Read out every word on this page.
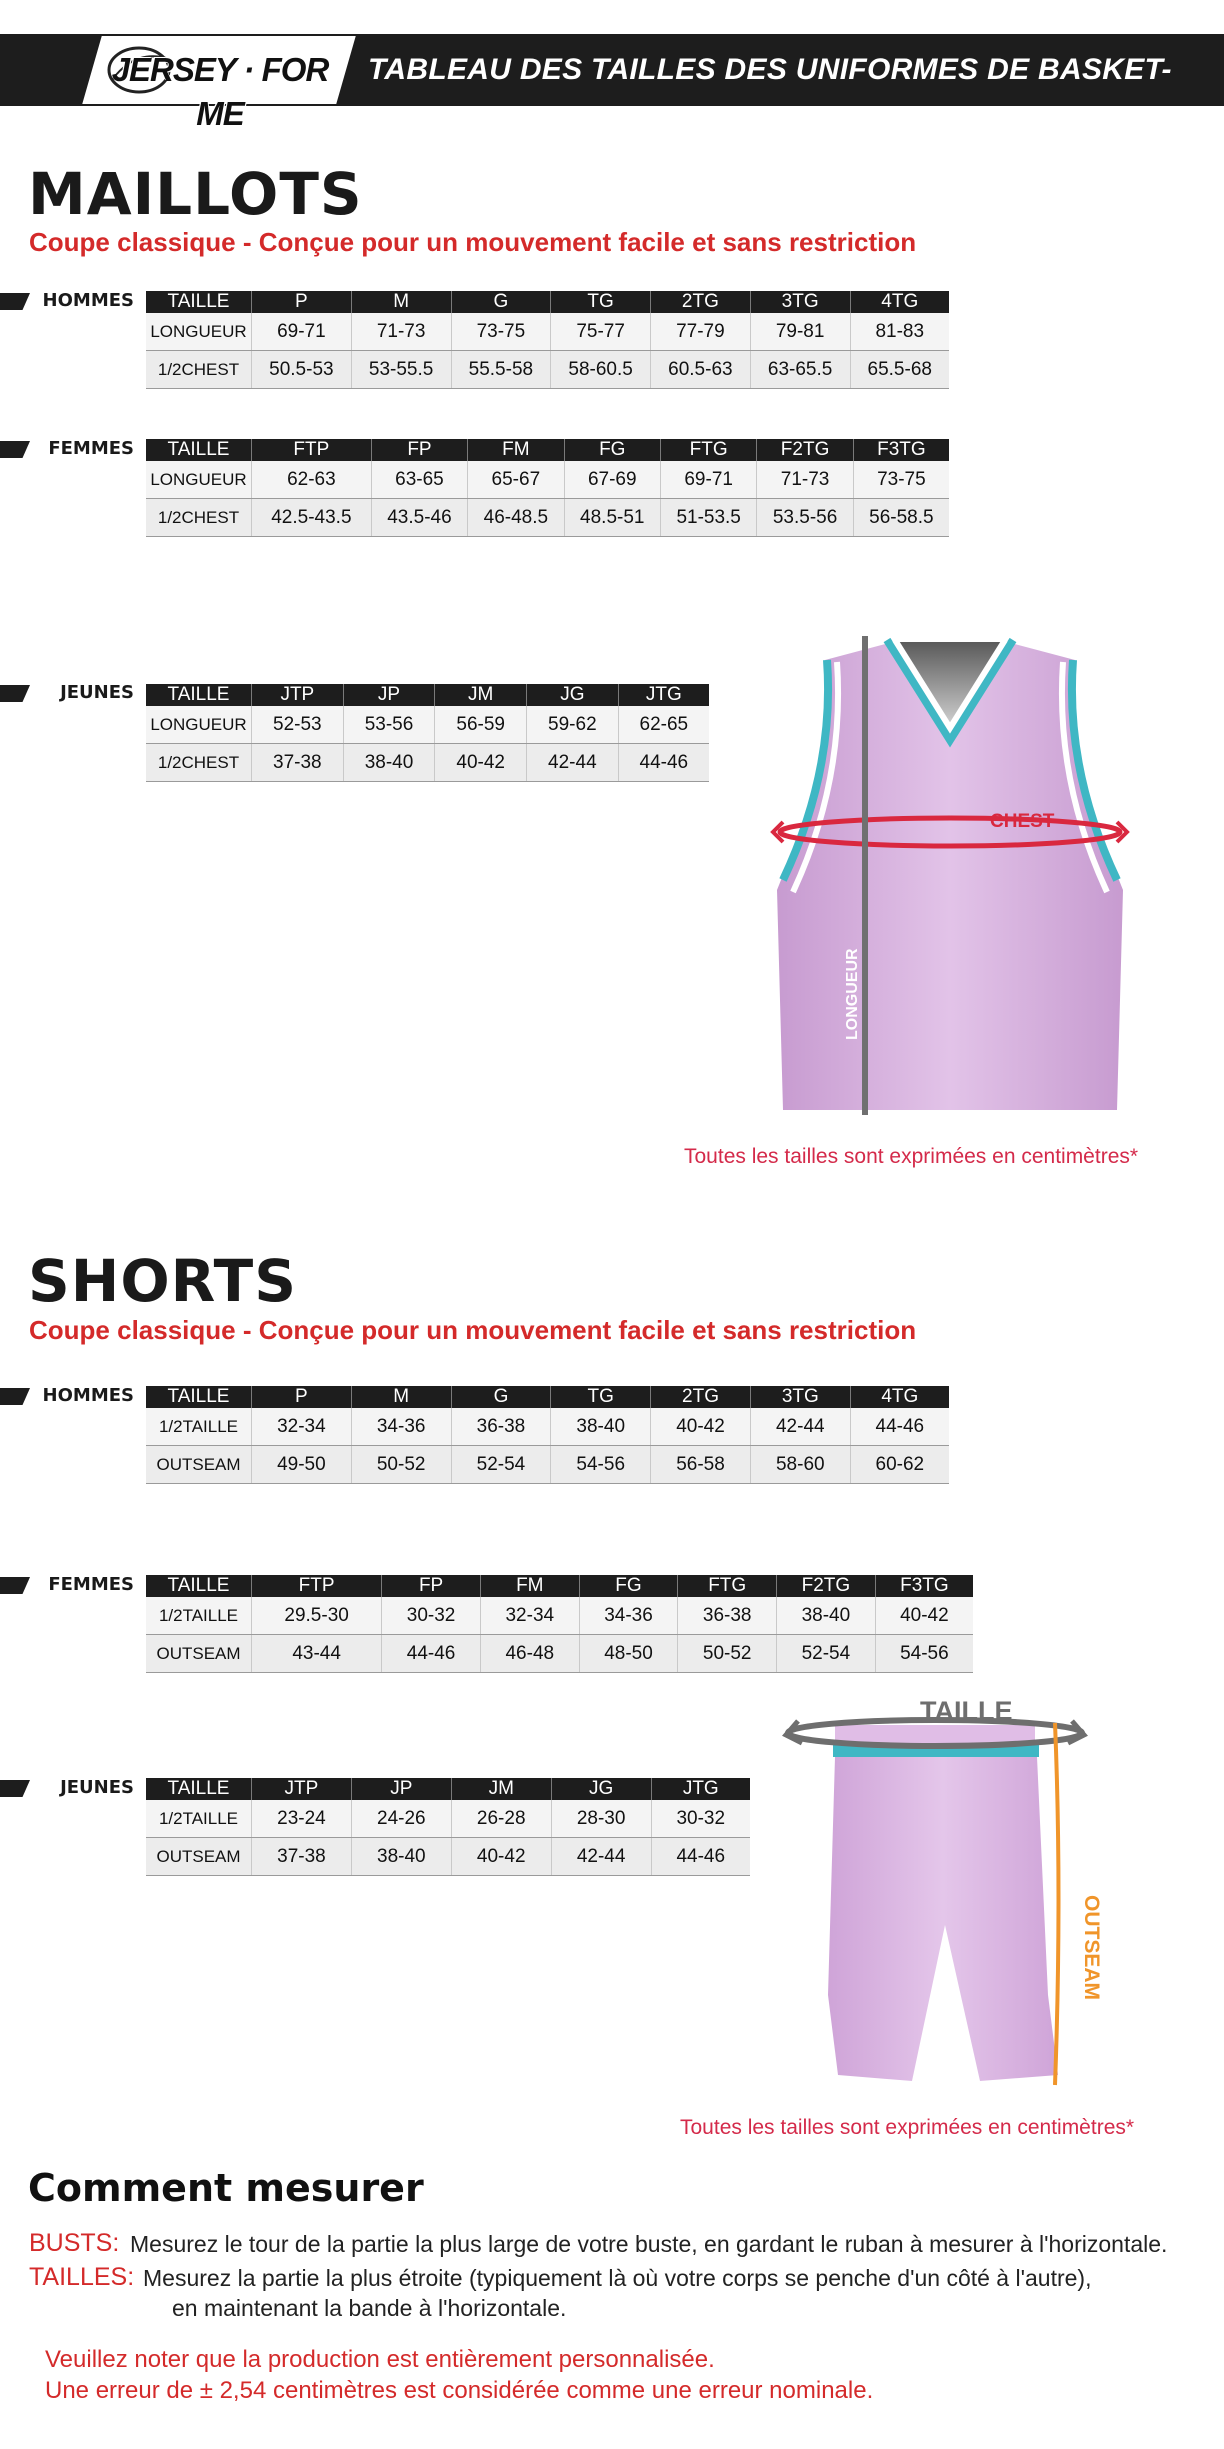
JERSEY · FOR ME
TABLEAU DES TAILLES DES UNIFORMES DE BASKET-BALL
MAILLOTS
Coupe classique - Conçue pour un mouvement facile et sans restriction
HOMMES TAILLE	P	M	G	TG	2TG	3TG	4TG
LONGUEUR	69-71	71-73	73-75	75-77	77-79	79-81	81-83
1/2CHEST	50.5-53	53-55.5	55.5-58	58-60.5	60.5-63	63-65.5	65.5-68
FEMMES TAILLE	FTP	FP	FM	FG	FTG	F2TG	F3TG
LONGUEUR	62-63	63-65	65-67	67-69	69-71	71-73	73-75
1/2CHEST	42.5-43.5	43.5-46	46-48.5	48.5-51	51-53.5	53.5-56	56-58.5
JEUNES TAILLE	JTP	JP	JM	JG	JTG
LONGUEUR	52-53	53-56	56-59	59-62	62-65
1/2CHEST	37-38	38-40	40-42	42-44	44-46
CHEST
LONGUEUR
Toutes les tailles sont exprimées en centimètres*
SHORTS
Coupe classique - Conçue pour un mouvement facile et sans restriction
HOMMES TAILLE	P	M	G	TG	2TG	3TG	4TG
1/2TAILLE	32-34	34-36	36-38	38-40	40-42	42-44	44-46
OUTSEAM	49-50	50-52	52-54	54-56	56-58	58-60	60-62
FEMMES TAILLE	FTP	FP	FM	FG	FTG	F2TG	F3TG
1/2TAILLE	29.5-30	30-32	32-34	34-36	36-38	38-40	40-42
OUTSEAM	43-44	44-46	46-48	48-50	50-52	52-54	54-56
JEUNES TAILLE	JTP	JP	JM	JG	JTG
1/2TAILLE	23-24	24-26	26-28	28-30	30-32
OUTSEAM	37-38	38-40	40-42	42-44	44-46
TAILLE
OUTSEAM
Toutes les tailles sont exprimées en centimètres*
Comment mesurer
BUSTS: Mesurez le tour de la partie la plus large de votre buste, en gardant le ruban à mesurer à l'horizontale.
TAILLES: Mesurez la partie la plus étroite (typiquement là où votre corps se penche d'un côté à l'autre),
en maintenant la bande à l'horizontale.
Veuillez noter que la production est entièrement personnalisée.
Une erreur de ± 2,54 centimètres est considérée comme une erreur nominale.
